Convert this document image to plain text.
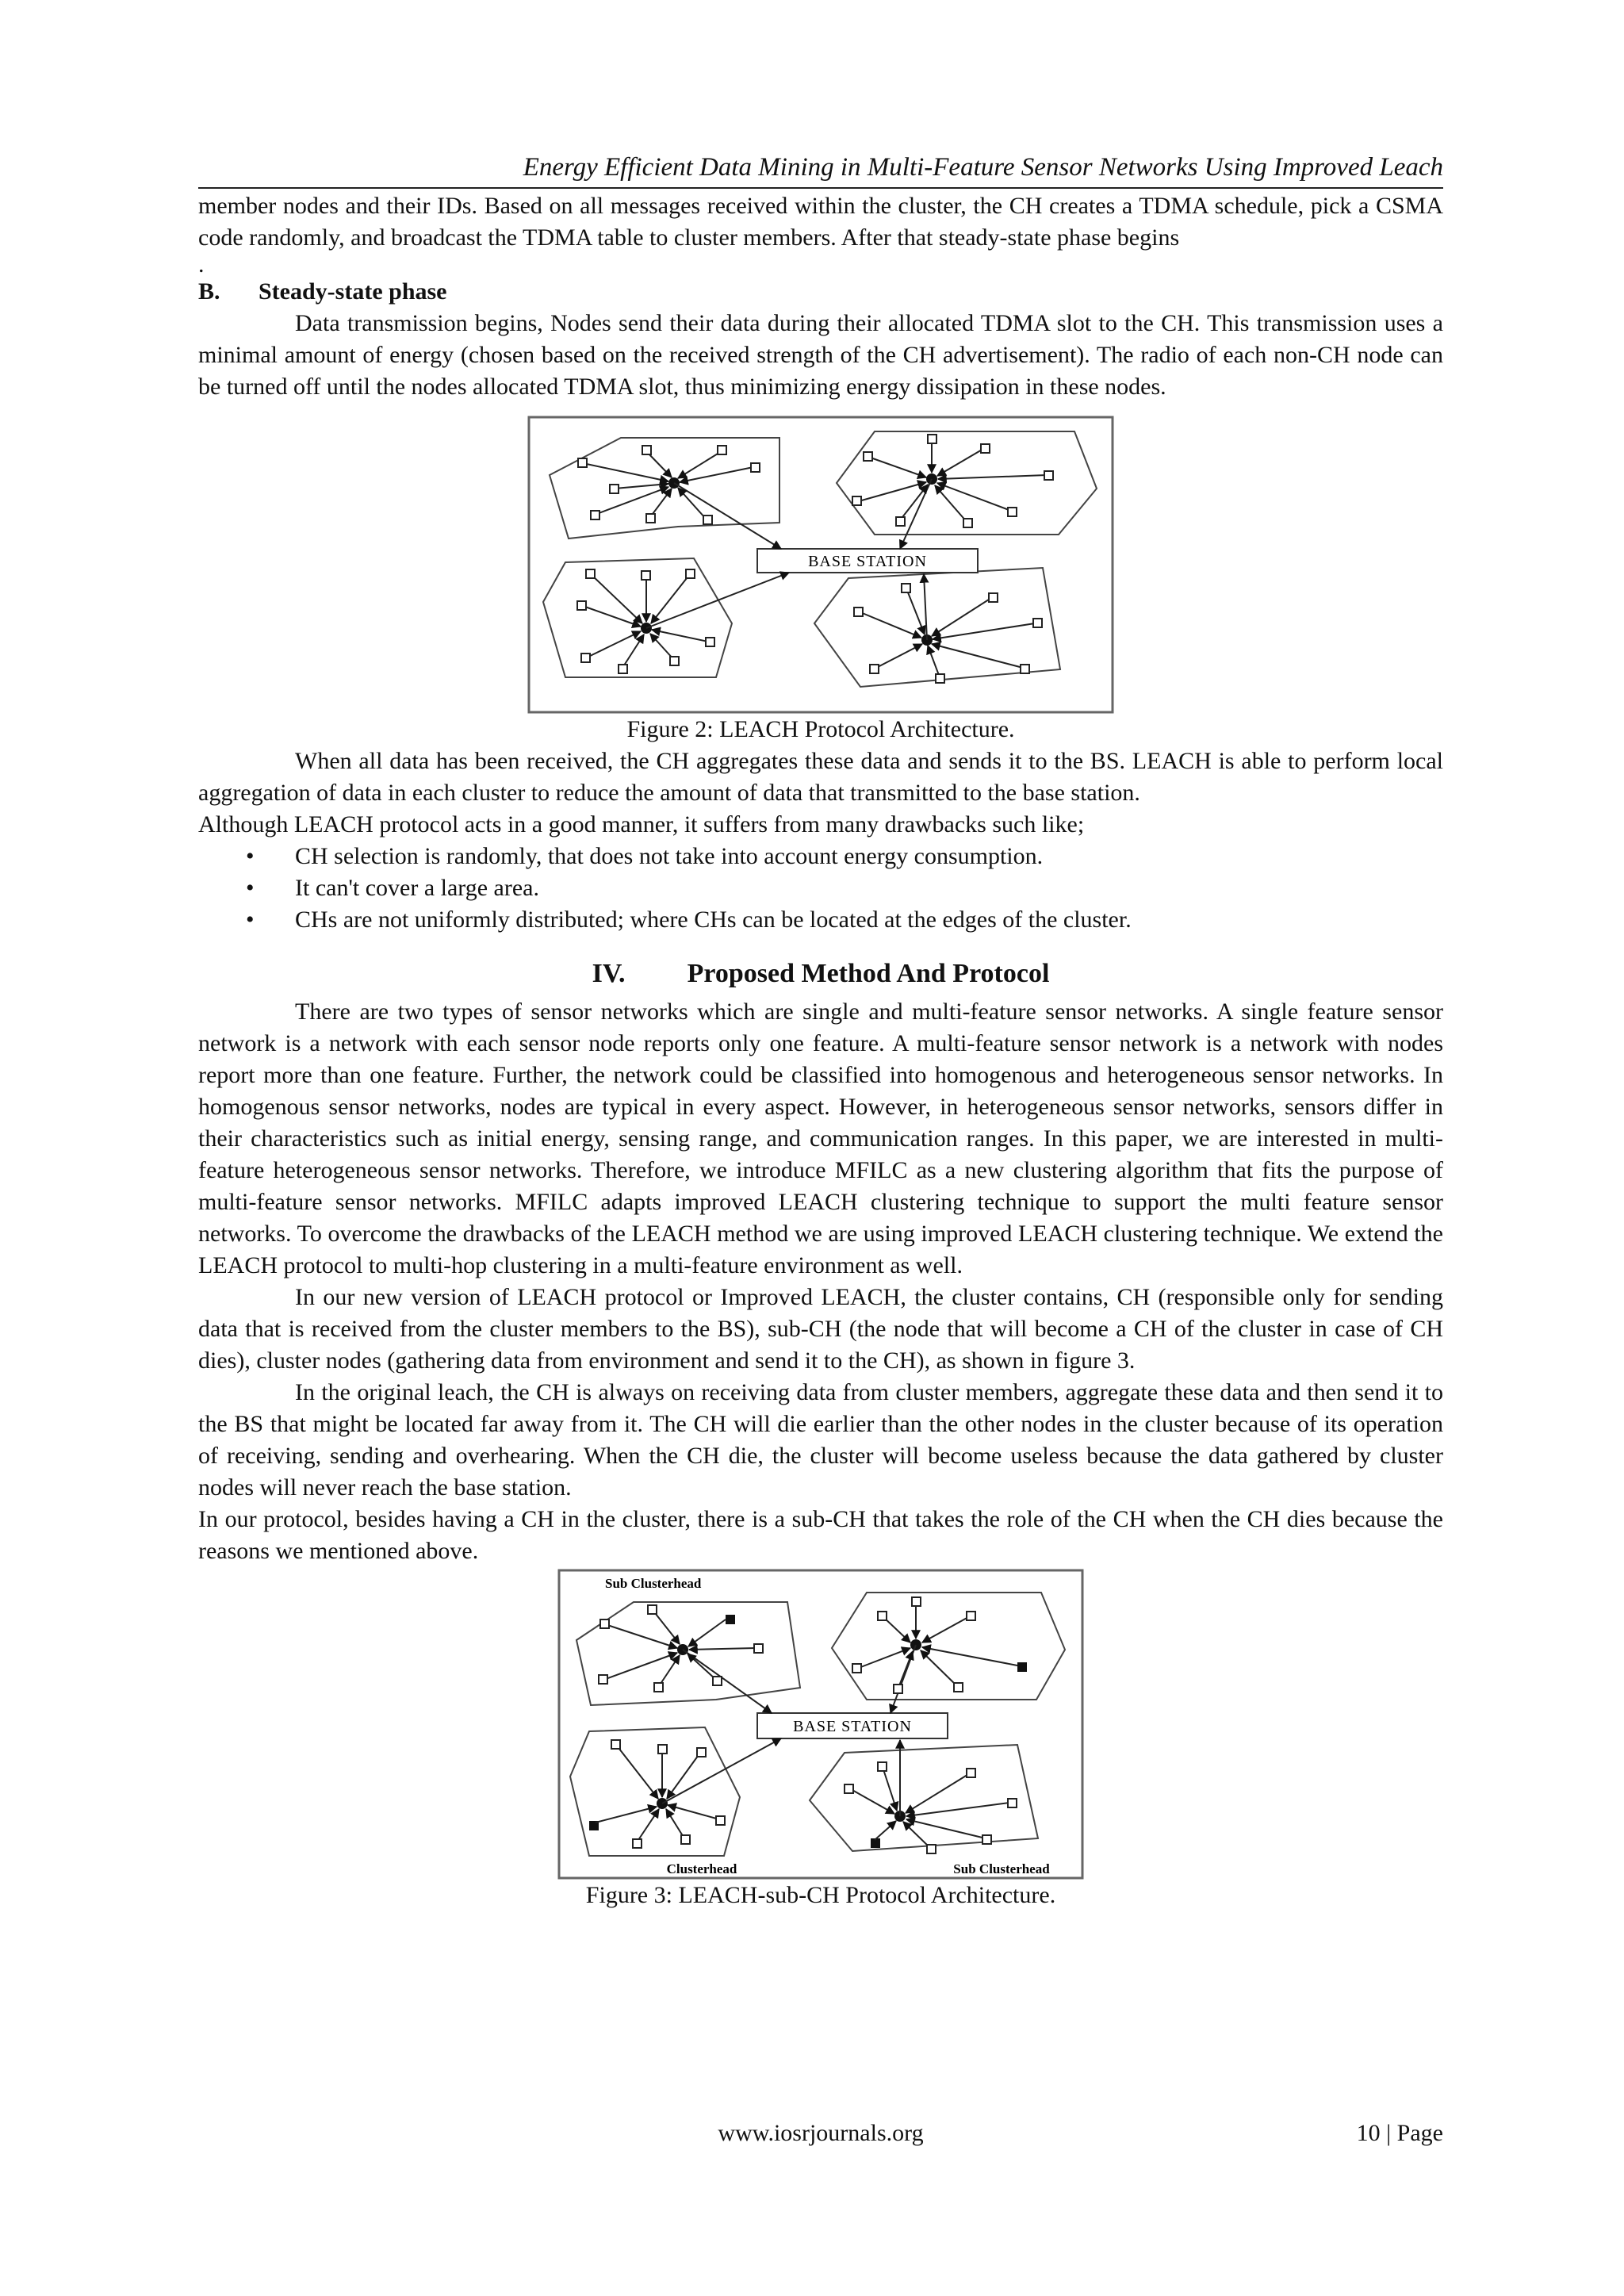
Energy Efficient Data Mining in Multi-Feature Sensor Networks Using Improved Leach

member nodes and their IDs. Based on all messages received within the cluster, the CH creates a TDMA schedule, pick a CSMA code randomly, and broadcast the TDMA table to cluster members. After that steady-state phase begins

.

B. Steady-state phase

Data transmission begins, Nodes send their data during their allocated TDMA slot to the CH. This transmission uses a minimal amount of energy (chosen based on the received strength of the CH advertisement). The radio of each non-CH node can be turned off until the nodes allocated TDMA slot, thus minimizing energy dissipation in these nodes.

BASE STATION

Figure 2: LEACH Protocol Architecture.

When all data has been received, the CH aggregates these data and sends it to the BS. LEACH is able to perform local aggregation of data in each cluster to reduce the amount of data that transmitted to the base station.

Although LEACH protocol acts in a good manner, it suffers from many drawbacks such like;

• CH selection is randomly, that does not take into account energy consumption.
• It can't cover a large area.
• CHs are not uniformly distributed; where CHs can be located at the edges of the cluster.
IV. Proposed Method And Protocol

There are two types of sensor networks which are single and multi-feature sensor networks. A single feature sensor network is a network with each sensor node reports only one feature. A multi-feature sensor network is a network with nodes report more than one feature. Further, the network could be classified into homogenous and heterogeneous sensor networks. In homogenous sensor networks, nodes are typical in every aspect. However, in heterogeneous sensor networks, sensors differ in their characteristics such as initial energy, sensing range, and communication ranges. In this paper, we are interested in multi-feature heterogeneous sensor networks. Therefore, we introduce MFILC as a new clustering algorithm that fits the purpose of multi-feature sensor networks. MFILC adapts improved LEACH clustering technique to support the multi feature sensor networks. To overcome the drawbacks of the LEACH method we are using improved LEACH clustering technique. We extend the LEACH protocol to multi-hop clustering in a multi-feature environment as well.

In our new version of LEACH protocol or Improved LEACH, the cluster contains, CH (responsible only for sending data that is received from the cluster members to the BS), sub-CH (the node that will become a CH of the cluster in case of CH dies), cluster nodes (gathering data from environment and send it to the CH), as shown in figure 3.

In the original leach, the CH is always on receiving data from cluster members, aggregate these data and then send it to the BS that might be located far away from it. The CH will die earlier than the other nodes in the cluster because of its operation of receiving, sending and overhearing. When the CH die, the cluster will become useless because the data gathered by cluster nodes will never reach the base station.

In our protocol, besides having a CH in the cluster, there is a sub-CH that takes the role of the CH when the CH dies because the reasons we mentioned above.

Sub Clusterhead
BASE STATION
Clusterhead	Sub Clusterhead

Figure 3: LEACH-sub-CH Protocol Architecture.

www.iosrjournals.org	10 | Page
